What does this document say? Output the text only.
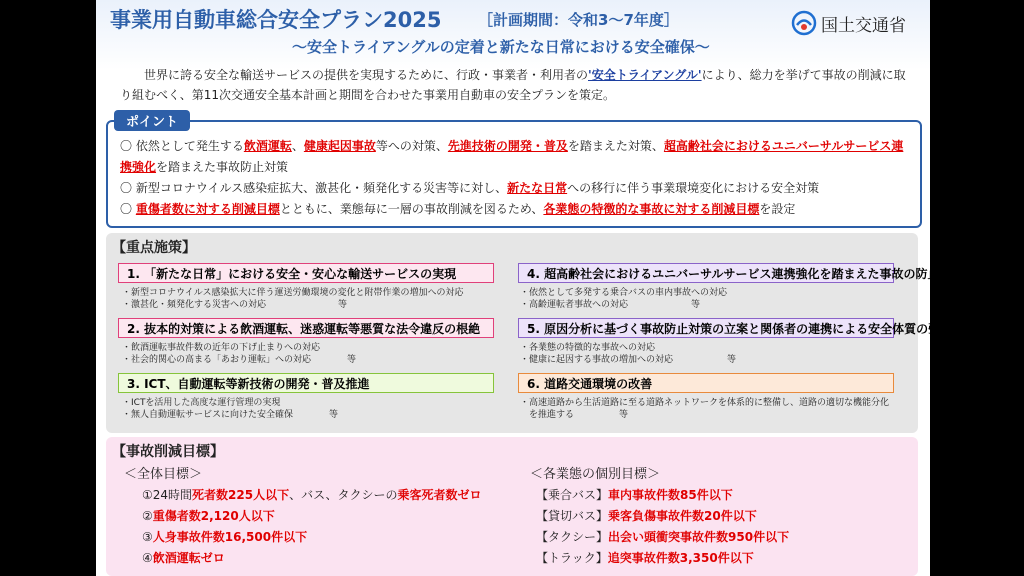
事業用自動車総合安全プラン2025 ［計画期間：令和3〜7年度］
〜安全トライアングルの定着と新たな日常における安全確保〜
国土交通省
世界に誇る安全な輸送サービスの提供を実現するために、行政・事業者・利用者の'安全トライアングル'により、総力を挙げて事故の削減に取り組むべく、第11次交通安全基本計画と期間を合わせた事業用自動車の安全プランを策定。
ポイント
〇 依然として発生する飲酒運転、健康起因事故等への対策、先進技術の開発・普及を踏まえた対策、超高齢社会におけるユニバーサルサービス連携強化を踏まえた事故防止対策
〇 新型コロナウイルス感染症拡大、激甚化・頻発化する災害等に対し、新たな日常への移行に伴う事業環境変化における安全対策
〇 重傷者数に対する削減目標とともに、業態毎に一層の事故削減を図るため、各業態の特徴的な事故に対する削減目標を設定
【重点施策】
1. 「新たな日常」における安全・安心な輸送サービスの実現
・新型コロナウイルス感染拡大に伴う運送労働環境の変化と附帯作業の増加への対応
・激甚化・頻発化する災害への対応　　　　　　　　等
2. 抜本的対策による飲酒運転、迷惑運転等悪質な法令違反の根絶
・飲酒運転事故件数の近年の下げ止まりへの対応
・社会的関心の高まる「あおり運転」への対応　　　　等
3. ICT、自動運転等新技術の開発・普及推進
・ICTを活用した高度な運行管理の実現
・無人自動運転サービスに向けた安全確保　　　　等
4. 超高齢社会におけるユニバーサルサービス連携強化を踏まえた事故の防止対策
・依然として多発する乗合バスの車内事故への対応
・高齢運転者事故への対応　　　　　　　等
5. 原因分析に基づく事故防止対策の立案と関係者の連携による安全体質の強化
・各業態の特徴的な事故への対応
・健康に起因する事故の増加への対応　　　　　　等
6. 道路交通環境の改善
・高速道路から生活道路に至る道路ネットワークを体系的に整備し、道路の適切な機能分化
　を推進する　　　　　等
【事故削減目標】
＜全体目標＞
①24時間死者数225人以下、バス、タクシーの乗客死者数ゼロ
②重傷者数2,120人以下
③人身事故件数16,500件以下
④飲酒運転ゼロ
＜各業態の個別目標＞
【乗合バス】車内事故件数85件以下
【貸切バス】乗客負傷事故件数20件以下
【タクシー】出会い頭衝突事故件数950件以下
【トラック】追突事故件数3,350件以下
